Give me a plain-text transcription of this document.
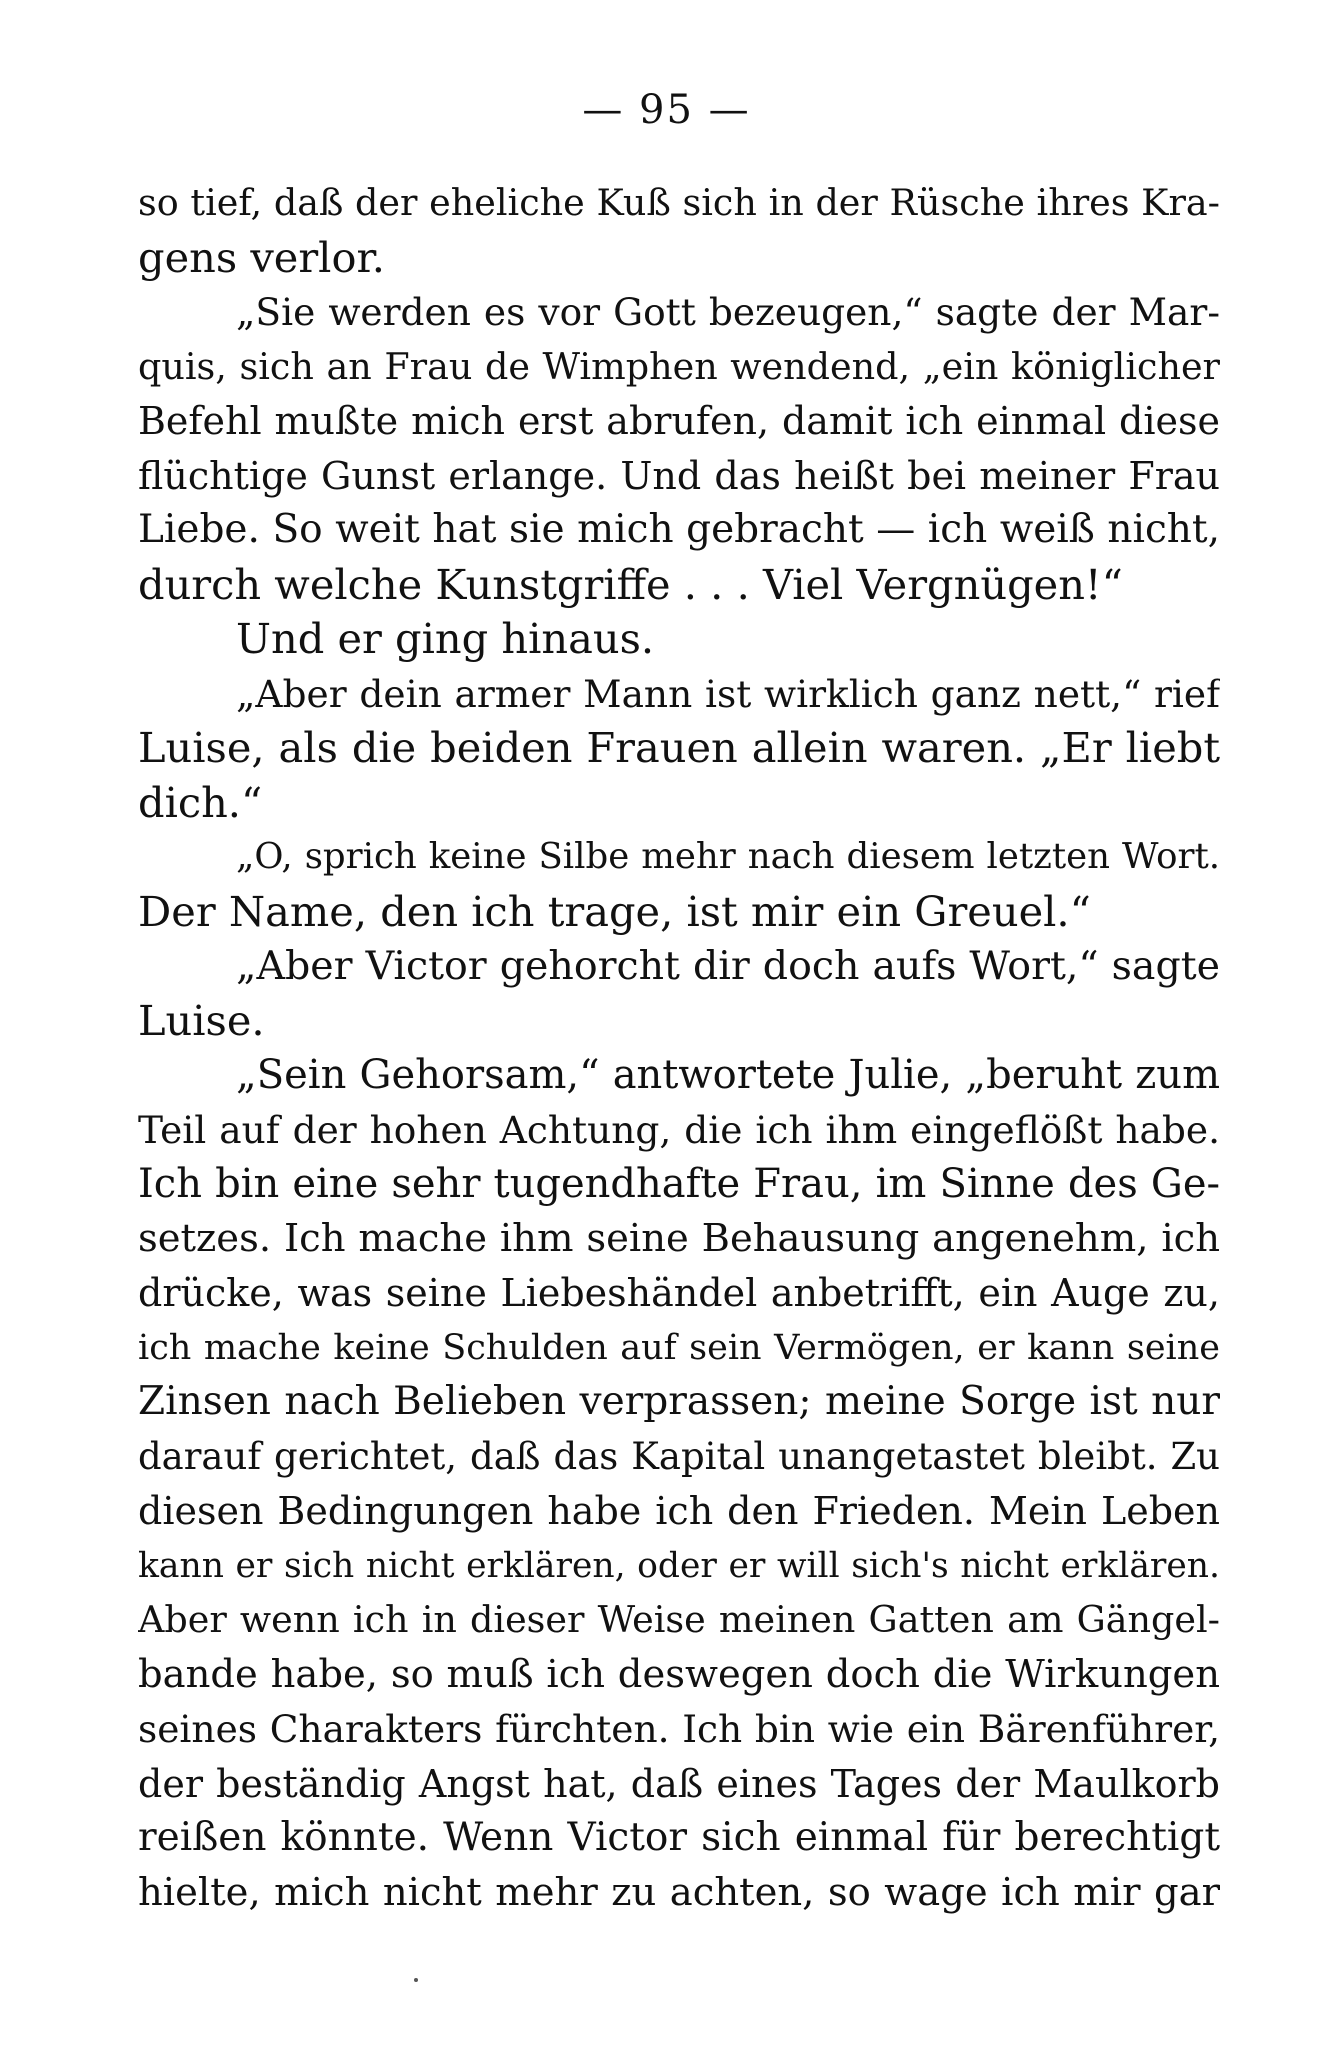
— 95 —
so tief, daß der eheliche Kuß sich in der Rüsche ihres Kra-
gens verlor.
„Sie werden es vor Gott bezeugen,“ sagte der Mar-
quis, sich an Frau de Wimphen wendend, „ein königlicher
Befehl mußte mich erst abrufen, damit ich einmal diese
flüchtige Gunst erlange. Und das heißt bei meiner Frau
Liebe. So weit hat sie mich gebracht — ich weiß nicht,
durch welche Kunstgriffe . . . Viel Vergnügen!“
Und er ging hinaus.
„Aber dein armer Mann ist wirklich ganz nett,“ rief
Luise, als die beiden Frauen allein waren. „Er liebt
dich.“
„O, sprich keine Silbe mehr nach diesem letzten Wort.
Der Name, den ich trage, ist mir ein Greuel.“
„Aber Victor gehorcht dir doch aufs Wort,“ sagte
Luise.
„Sein Gehorsam,“ antwortete Julie, „beruht zum
Teil auf der hohen Achtung, die ich ihm eingeflößt habe.
Ich bin eine sehr tugendhafte Frau, im Sinne des Ge-
setzes. Ich mache ihm seine Behausung angenehm, ich
drücke, was seine Liebeshändel anbetrifft, ein Auge zu,
ich mache keine Schulden auf sein Vermögen, er kann seine
Zinsen nach Belieben verprassen; meine Sorge ist nur
darauf gerichtet, daß das Kapital unangetastet bleibt. Zu
diesen Bedingungen habe ich den Frieden. Mein Leben
kann er sich nicht erklären, oder er will sich's nicht erklären.
Aber wenn ich in dieser Weise meinen Gatten am Gängel-
bande habe, so muß ich deswegen doch die Wirkungen
seines Charakters fürchten. Ich bin wie ein Bärenführer,
der beständig Angst hat, daß eines Tages der Maulkorb
reißen könnte. Wenn Victor sich einmal für berechtigt
hielte, mich nicht mehr zu achten, so wage ich mir gar
